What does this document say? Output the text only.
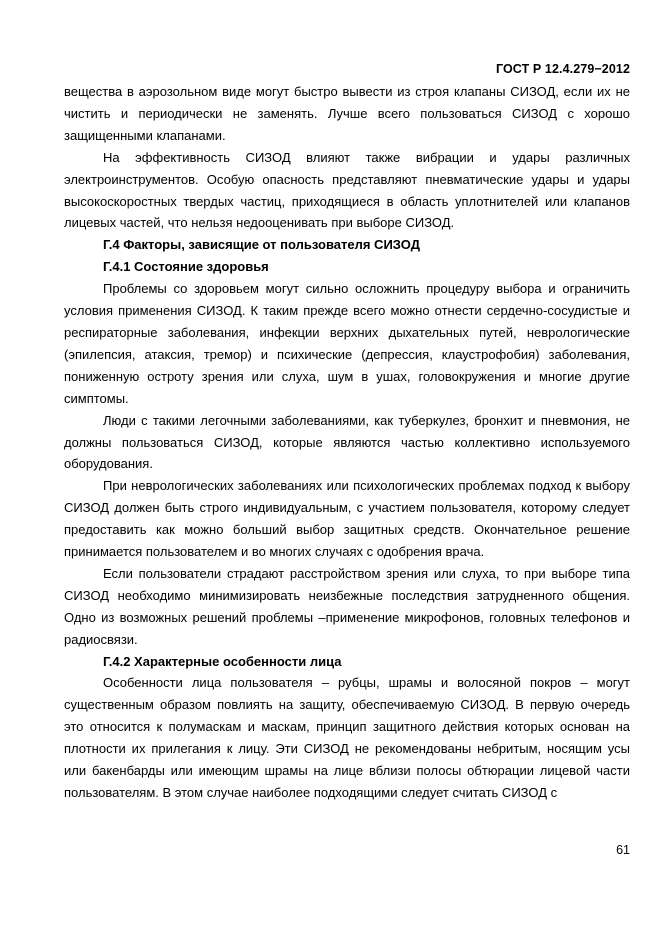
ГОСТ Р 12.4.279−2012

вещества в аэрозольном виде могут быстро вывести из строя клапаны СИЗОД, если их не чистить и периодически не заменять. Лучше всего пользоваться СИЗОД с хорошо защищенными клапанами.

На эффективность СИЗОД влияют также вибрации и удары различных электроинструментов. Особую опасность представляют пневматические удары и удары высокоскоростных твердых частиц, приходящиеся в область уплотнителей или клапанов лицевых частей, что нельзя недооценивать при выборе СИЗОД.

Г.4 Факторы, зависящие от пользователя СИЗОД

Г.4.1 Состояние здоровья

Проблемы со здоровьем могут сильно осложнить процедуру выбора и ограничить условия применения СИЗОД. К таким прежде всего можно отнести сердечно-сосудистые и респираторные заболевания, инфекции верхних дыхательных путей, неврологические (эпилепсия, атаксия, тремор) и психические (депрессия, клаустрофобия) заболевания, пониженную остроту зрения или слуха, шум в ушах, головокружения и многие другие симптомы.

Люди с такими легочными заболеваниями, как туберкулез, бронхит и пневмония, не должны пользоваться СИЗОД, которые являются частью коллективно используемого оборудования.

При неврологических заболеваниях или психологических проблемах подход к выбору СИЗОД должен быть строго индивидуальным, с участием пользователя, которому следует предоставить как можно больший выбор защитных средств. Окончательное решение принимается пользователем и во многих случаях с одобрения врача.

Если пользователи страдают расстройством зрения или слуха, то при выборе типа СИЗОД необходимо минимизировать неизбежные последствия затрудненного общения. Одно из возможных решений проблемы –применение микрофонов, головных телефонов и радиосвязи.

Г.4.2 Характерные особенности лица

Особенности лица пользователя – рубцы, шрамы и волосяной покров – могут существенным образом повлиять на защиту, обеспечиваемую СИЗОД. В первую очередь это относится к полумаскам и маскам, принцип защитного действия которых основан на плотности их прилегания к лицу. Эти СИЗОД не рекомендованы небритым, носящим усы или бакенбарды или имеющим шрамы на лице вблизи полосы обтюрации лицевой части пользователям. В этом случае наиболее подходящими следует считать СИЗОД с

61
